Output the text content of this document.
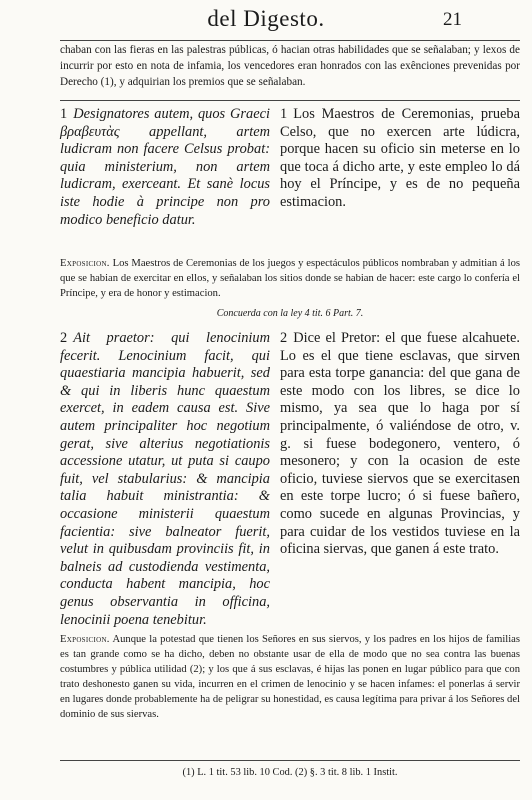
del Digesto.	21

chaban con las fieras en las palestras públicas, ó hacian otras habilidades que se señalaban; y lexos de incurrir por esto en nota de infamia, los vencedores eran honrados con las exênciones prevenidas por Derecho (1), y adquirian los premios que se señalaban.

1 Designatores autem, quos Graeci βραβευτὰς appellant, artem ludicram non facere Celsus probat: quia ministerium, non artem ludicram, exerceant. Et sanè locus iste hodie à principe non pro modico beneficio datur.

1 Los Maestros de Ceremonias, prueba Celso, que no exercen arte lúdicra, porque hacen su oficio sin meterse en lo que toca á dicho arte, y este empleo lo dá hoy el Príncipe, y es de no pequeña estimacion.

Exposicion. Los Maestros de Ceremonias de los juegos y espectáculos públicos nombraban y admitian á los que se habian de exercitar en ellos, y señalaban los sitios donde se habian de hacer: este cargo lo confería el Príncipe, y era de honor y estimacion.

Concuerda con la ley 4 tit. 6 Part. 7.

2 Ait praetor: qui lenocinium fecerit. Lenocinium facit, qui quaestiaria mancipia habuerit, sed & qui in liberis hunc quaestum exercet, in eadem causa est. Sive autem principaliter hoc negotium gerat, sive alterius negotiationis accessione utatur, ut puta si caupo fuit, vel stabularius: & mancipia talia habuit ministrantia: & occasione ministerii quaestum facientia: sive balneator fuerit, velut in quibusdam provinciis fit, in balneis ad custodienda vestimenta, conducta habent mancipia, hoc genus observantia in officina, lenocinii poena tenebitur.

2 Dice el Pretor: el que fuese alcahuete. Lo es el que tiene esclavas, que sirven para esta torpe ganancia: del que gana de este modo con los libres, se dice lo mismo, ya sea que lo haga por sí principalmente, ó valiéndose de otro, v. g. si fuese bodegonero, ventero, ó mesonero; y con la ocasion de este oficio, tuviese siervos que se exercitasen en este torpe lucro; ó si fuese bañero, como sucede en algunas Provincias, y para cuidar de los vestidos tuviese en la oficina siervas, que ganen á este trato.

Exposicion. Aunque la potestad que tienen los Señores en sus siervos, y los padres en los hijos de familias es tan grande como se ha dicho, deben no obstante usar de ella de modo que no sea contra las buenas costumbres y pública utilidad (2); y los que á sus esclavas, é hijas las ponen en lugar público para que con trato deshonesto ganen su vida, incurren en el crimen de lenocinio y se hacen infames: el ponerlas á servir en lugares donde probablemente ha de peligrar su honestidad, es causa legítima para privar á los Señores del dominio de sus siervas.

(1) L. 1 tit. 53 lib. 10 Cod. (2) §. 3 tit. 8 lib. 1 Instit.
